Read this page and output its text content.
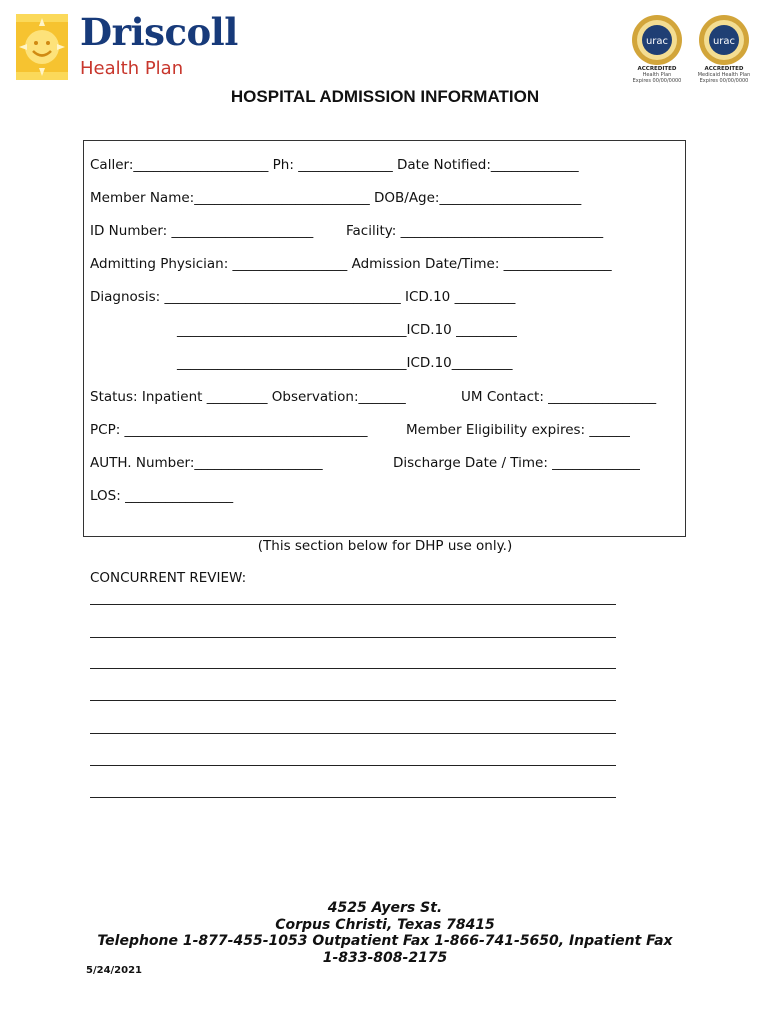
Driscoll
Health Plan
urac
ACCREDITED
Health Plan
Expires 00/00/0000
urac
ACCREDITED
Medicaid Health Plan
Expires 00/00/0000
HOSPITAL ADMISSION INFORMATION
Caller:____________________ Ph: ______________ Date Notified:_____________
Member Name:__________________________ DOB/Age:_____________________
ID Number: _____________________ Facility: ______________________________
Admitting Physician: _________________ Admission Date/Time: ________________
Diagnosis: ___________________________________ ICD.10 _________
__________________________________ICD.10 _________
__________________________________ICD.10_________
Status: Inpatient _________ Observation:_______	UM Contact: ________________
PCP: ____________________________________	Member Eligibility expires: ______
AUTH. Number:___________________	Discharge Date / Time: _____________
LOS: ________________
(This section below for DHP use only.)
CONCURRENT REVIEW:
4525 Ayers St.
Corpus Christi, Texas 78415
Telephone 1-877-455-1053 Outpatient Fax 1-866-741-5650, Inpatient Fax
1-833-808-2175
5/24/2021
